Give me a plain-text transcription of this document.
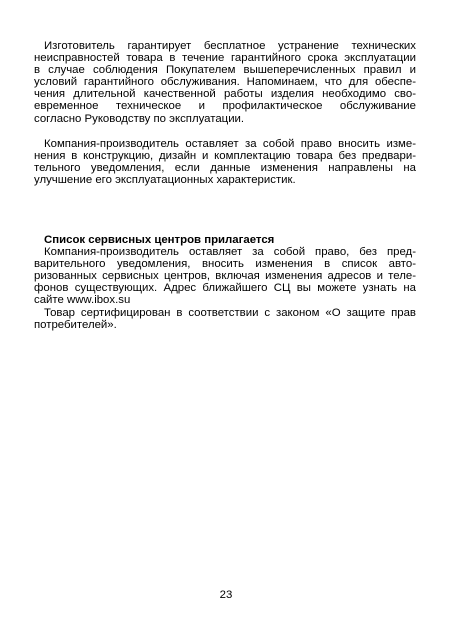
Изготовитель гарантирует бесплатное устранение технических
неисправностей товара в течение гарантийного срока эксплуатации
в случае соблюдения Покупателем вышеперечисленных правил и
условий гарантийного обслуживания. Напоминаем, что для обеспе-
чения длительной качественной работы изделия необходимо сво-
евременное техническое и профилактическое обслуживание
согласно Руководству по эксплуатации.
Компания-производитель оставляет за собой право вносить изме-
нения в конструкцию, дизайн и комплектацию товара без предвари-
тельного уведомления, если данные изменения направлены на
улучшение его эксплуатационных характеристик.
Список сервисных центров прилагается
Компания-производитель оставляет за собой право, без пред-
варительного уведомления, вносить изменения в список авто-
ризованных сервисных центров, включая изменения адресов и теле-
фонов существующих. Адрес ближайшего СЦ вы можете узнать на
сайте www.ibox.su
Товар сертифицирован в соответствии с законом «О защите прав
потребителей».
23
